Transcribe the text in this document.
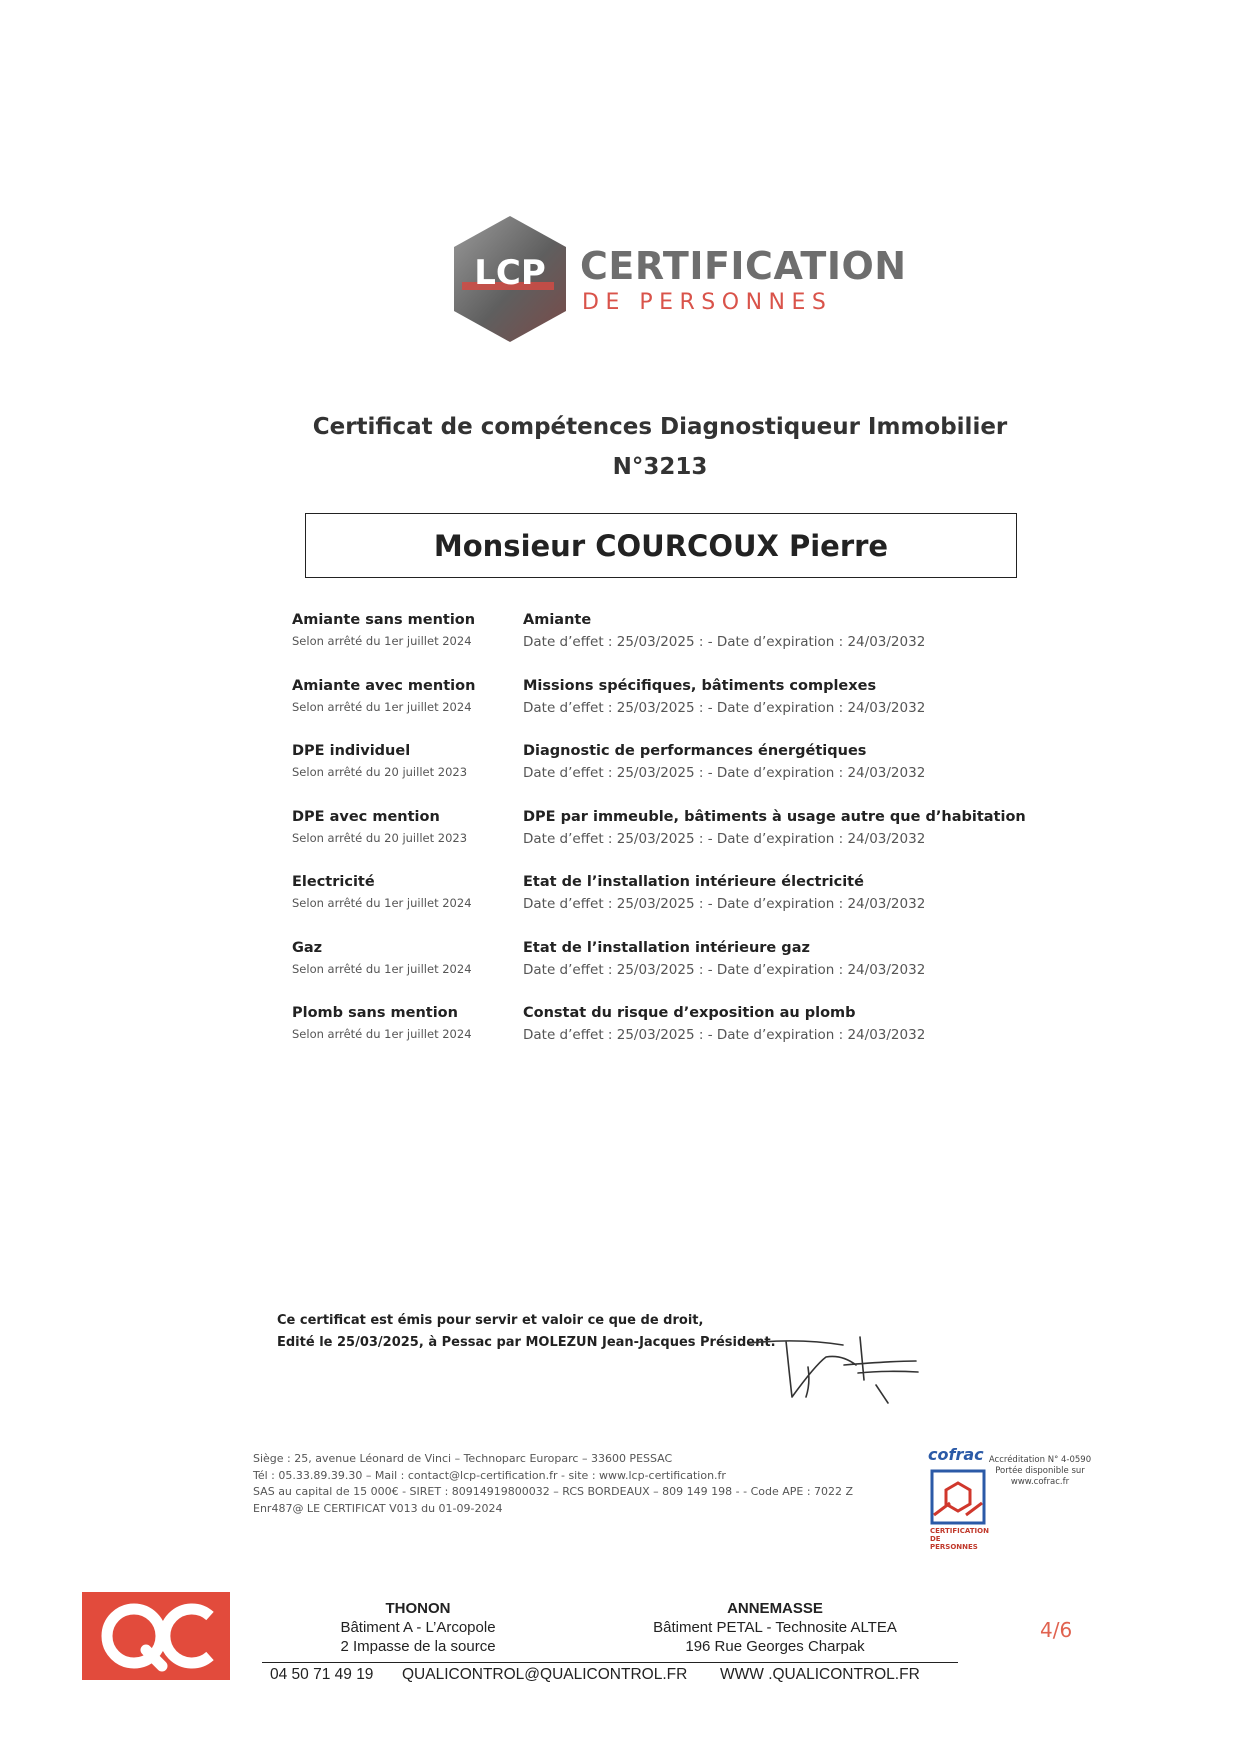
LCP CERTIFICATION
DE PERSONNES
Certificat de compétences Diagnostiqueur Immobilier
N°3213
Monsieur COURCOUX Pierre
Amiante sans mention
Selon arrêté du 1er juillet 2024
Amiante
Date d’effet : 25/03/2025 : - Date d’expiration : 24/03/2032
Amiante avec mention
Selon arrêté du 1er juillet 2024
Missions spécifiques, bâtiments complexes
Date d’effet : 25/03/2025 : - Date d’expiration : 24/03/2032
DPE individuel
Selon arrêté du 20 juillet 2023
Diagnostic de performances énergétiques
Date d’effet : 25/03/2025 : - Date d’expiration : 24/03/2032
DPE avec mention
Selon arrêté du 20 juillet 2023
DPE par immeuble, bâtiments à usage autre que d’habitation
Date d’effet : 25/03/2025 : - Date d’expiration : 24/03/2032
Electricité
Selon arrêté du 1er juillet 2024
Etat de l’installation intérieure électricité
Date d’effet : 25/03/2025 : - Date d’expiration : 24/03/2032
Gaz
Selon arrêté du 1er juillet 2024
Etat de l’installation intérieure gaz
Date d’effet : 25/03/2025 : - Date d’expiration : 24/03/2032
Plomb sans mention
Selon arrêté du 1er juillet 2024
Constat du risque d’exposition au plomb
Date d’effet : 25/03/2025 : - Date d’expiration : 24/03/2032
Ce certificat est émis pour servir et valoir ce que de droit,
Edité le 25/03/2025, à Pessac par MOLEZUN Jean-Jacques Président.
Siège : 25, avenue Léonard de Vinci – Technoparc Europarc – 33600 PESSAC
Tél : 05.33.89.39.30 – Mail : contact@lcp-certification.fr - site : www.lcp-certification.fr
SAS au capital de 15 000€ - SIRET : 80914919800032 – RCS BORDEAUX – 809 149 198 - - Code APE : 7022 Z
Enr487@ LE CERTIFICAT V013 du 01-09-2024
cofrac
CERTIFICATION DE PERSONNES
Accréditation N° 4-0590
Portée disponible sur
www.cofrac.fr
THONON
Bâtiment A - L’Arcopole
2 Impasse de la source
ANNEMASSE
Bâtiment PETAL - Technosite ALTEA
196 Rue Georges Charpak
04 50 71 49 19 QUALICONTROL@QUALICONTROL.FR WWW .QUALICONTROL.FR
4/6
